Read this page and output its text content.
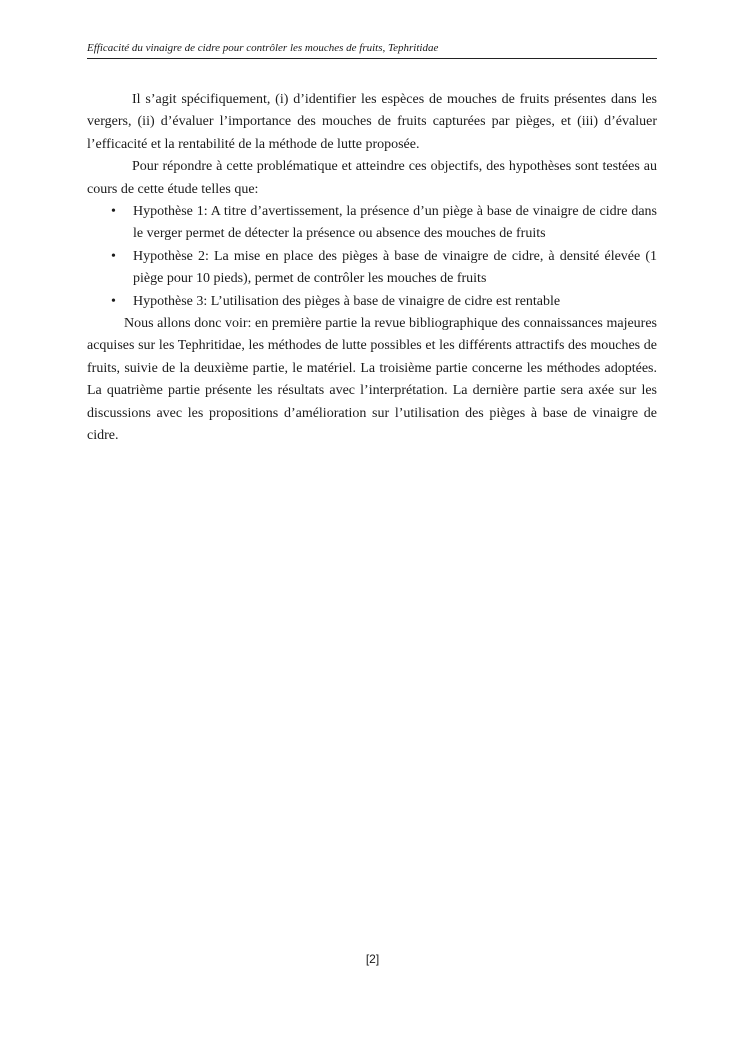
Efficacité du vinaigre de cidre pour contrôler les mouches de fruits, Tephritidae

Il s’agit spécifiquement, (i) d’identifier les espèces de mouches de fruits présentes dans les vergers, (ii) d’évaluer l’importance des mouches de fruits capturées par pièges, et (iii) d’évaluer l’efficacité et la rentabilité de la méthode de lutte proposée.

Pour répondre à cette problématique et atteindre ces objectifs, des hypothèses sont testées au cours de cette étude telles que:

• Hypothèse 1: A titre d’avertissement, la présence d’un piège à base de vinaigre de cidre dans le verger permet de détecter la présence ou absence des mouches de fruits
• Hypothèse 2: La mise en place des pièges à base de vinaigre de cidre, à densité élevée (1 piège pour 10 pieds), permet de contrôler les mouches de fruits
• Hypothèse 3: L’utilisation des pièges à base de vinaigre de cidre est rentable

Nous allons donc voir: en première partie la revue bibliographique des connaissances majeures acquises sur les Tephritidae, les méthodes de lutte possibles et les différents attractifs des mouches de fruits, suivie de la deuxième partie, le matériel. La troisième partie concerne les méthodes adoptées. La quatrième partie présente les résultats avec l’interprétation. La dernière partie sera axée sur les discussions avec les propositions d’amélioration sur l’utilisation des pièges à base de vinaigre de cidre.

[2]
